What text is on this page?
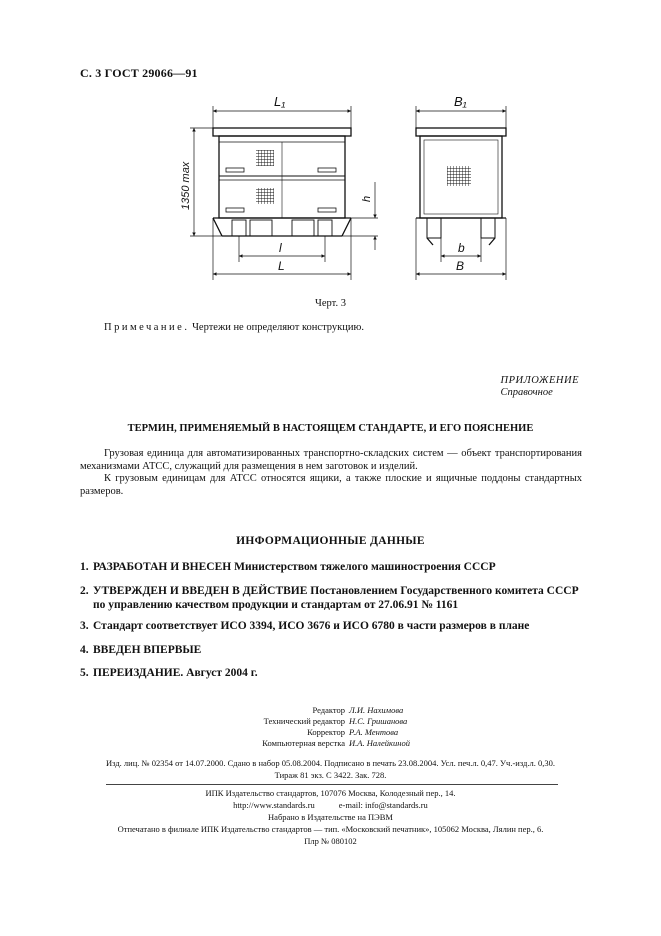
С. 3 ГОСТ 29066—91
L₁	B₁
1350 max	h
l
L
b
B
Черт. 3
Примечание. Чертежи не определяют конструкцию.
ПРИЛОЖЕНИЕ
Справочное
ТЕРМИН, ПРИМЕНЯЕМЫЙ В НАСТОЯЩЕМ СТАНДАРТЕ, И ЕГО ПОЯСНЕНИЕ
Грузовая единица для автоматизированных транспортно-складских систем — объект транспортирования механизмами АТСС, служащий для размещения в нем заготовок и изделий.
К грузовым единицам для АТСС относятся ящики, а также плоские и ящичные поддоны стандартных размеров.
ИНФОРМАЦИОННЫЕ ДАННЫЕ
1. РАЗРАБОТАН И ВНЕСЕН Министерством тяжелого машиностроения СССР
2. УТВЕРЖДЕН И ВВЕДЕН В ДЕЙСТВИЕ Постановлением Государственного комитета СССР по управлению качеством продукции и стандартам от 27.06.91 № 1161
3. Стандарт соответствует ИСО 3394, ИСО 3676 и ИСО 6780 в части размеров в плане
4. ВВЕДЕН ВПЕРВЫЕ
5. ПЕРЕИЗДАНИЕ. Август 2004 г.
Редактор Л.И. Нахимова
Технический редактор Н.С. Гришанова
Корректор Р.А. Ментова
Компьютерная верстка И.А. Налейкиной
Изд. лиц. № 02354 от 14.07.2000. Сдано в набор 05.08.2004. Подписано в печать 23.08.2004. Усл. печ.л. 0,47. Уч.-изд.л. 0,30.
Тираж 81 экз. С 3422. Зак. 728.
ИПК Издательство стандартов, 107076 Москва, Колодезный пер., 14.
http://www.standards.ru	e-mail: info@standards.ru
Набрано в Издательстве на ПЭВМ
Отпечатано в филиале ИПК Издательство стандартов — тип. «Московский печатник», 105062 Москва, Лялин пер., 6.
Плр № 080102
